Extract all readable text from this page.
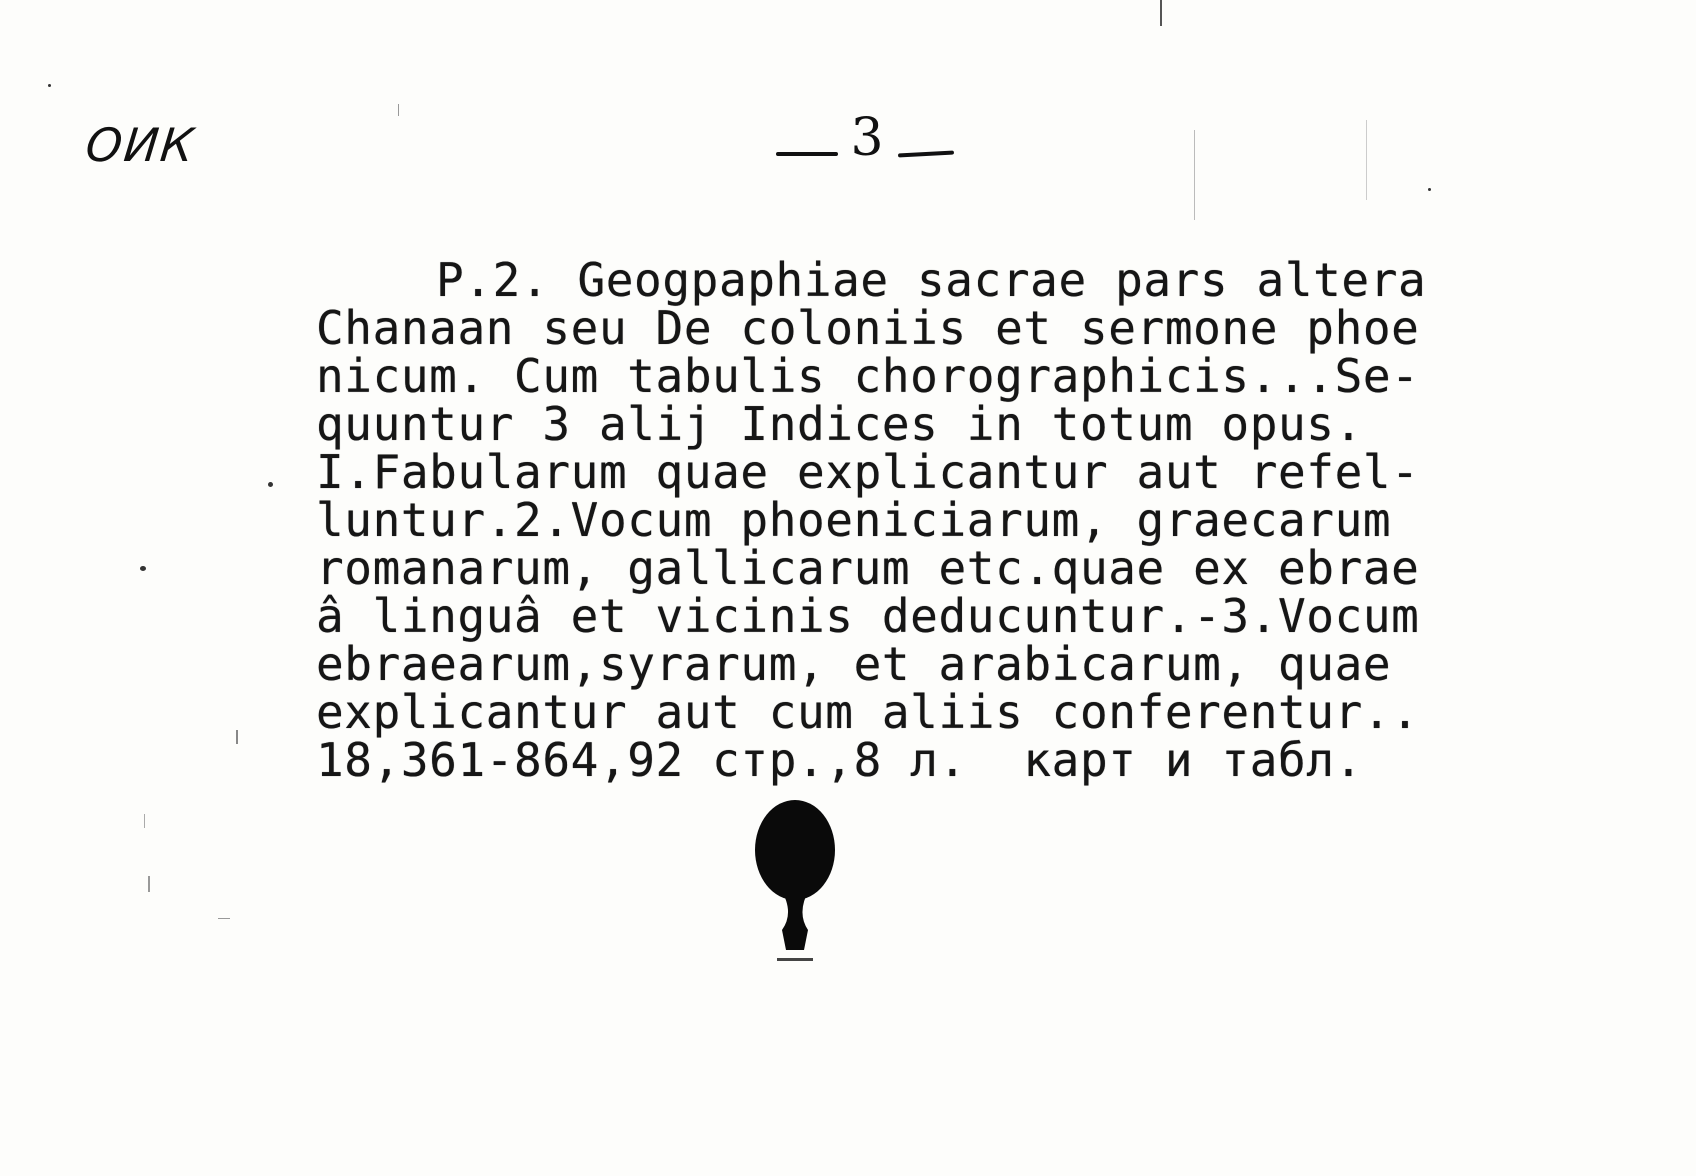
ОИК	3
P.2. Geogpaphiae sacrae pars altera
Chanaan seu De coloniis et sermone phoe
nicum. Cum tabulis chorographicis...Se-
quuntur 3 alij Indices in totum opus.
I.Fabularum quae explicantur aut refel-
luntur.2.Vocum phoeniciarum, graecarum
romanarum, gallicarum etc.quae ex ebrae
â linguâ et vicinis deducuntur.-3.Vocum
ebraearum,syrarum, et arabicarum, quae
explicantur aut cum aliis conferentur..
18,361-864,92 стр.,8 л.  карт и табл.
